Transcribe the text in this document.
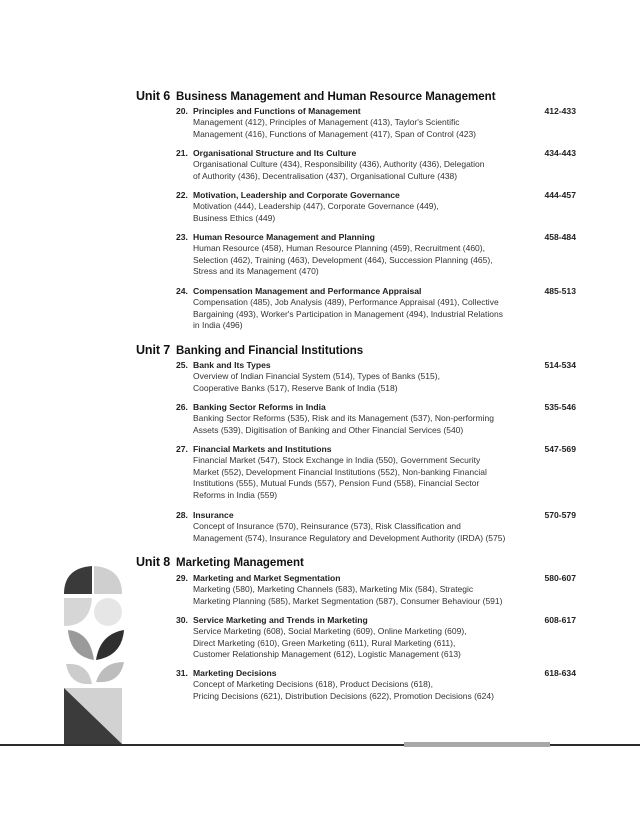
Unit 6 Business Management and Human Resource Management
20. Principles and Functions of Management	412-433
Management (412), Principles of Management (413), Taylor's Scientific
Management (416), Functions of Management (417), Span of Control (423)
21. Organisational Structure and Its Culture	434-443
Organisational Culture (434), Responsibility (436), Authority (436), Delegation
of Authority (436), Decentralisation (437), Organisational Culture (438)
22. Motivation, Leadership and Corporate Governance	444-457
Motivation (444), Leadership (447), Corporate Governance (449),
Business Ethics (449)
23. Human Resource Management and Planning	458-484
Human Resource (458), Human Resource Planning (459), Recruitment (460),
Selection (462), Training (463), Development (464), Succession Planning (465),
Stress and its Management (470)
24. Compensation Management and Performance Appraisal	485-513
Compensation (485), Job Analysis (489), Performance Appraisal (491), Collective
Bargaining (493), Worker's Participation in Management (494), Industrial Relations
in India (496)
Unit 7 Banking and Financial Institutions
25. Bank and Its Types	514-534
Overview of Indian Financial System (514), Types of Banks (515),
Cooperative Banks (517), Reserve Bank of India (518)
26. Banking Sector Reforms in India	535-546
Banking Sector Reforms (535), Risk and its Management (537), Non-performing
Assets (539), Digitisation of Banking and Other Financial Services (540)
27. Financial Markets and Institutions	547-569
Financial Market (547), Stock Exchange in India (550), Government Security
Market (552), Development Financial Institutions (552), Non-banking Financial
Institutions (555), Mutual Funds (557), Pension Fund (558), Financial Sector
Reforms in India (559)
28. Insurance	570-579
Concept of Insurance (570), Reinsurance (573), Risk Classification and
Management (574), Insurance Regulatory and Development Authority (IRDA) (575)
Unit 8 Marketing Management
29. Marketing and Market Segmentation	580-607
Marketing (580), Marketing Channels (583), Marketing Mix (584), Strategic
Marketing Planning (585), Market Segmentation (587), Consumer Behaviour (591)
30. Service Marketing and Trends in Marketing	608-617
Service Marketing (608), Social Marketing (609), Online Marketing (609),
Direct Marketing (610), Green Marketing (611), Rural Marketing (611),
Customer Relationship Management (612), Logistic Management (613)
31. Marketing Decisions	618-634
Concept of Marketing Decisions (618), Product Decisions (618),
Pricing Decisions (621), Distribution Decisions (622), Promotion Decisions (624)
